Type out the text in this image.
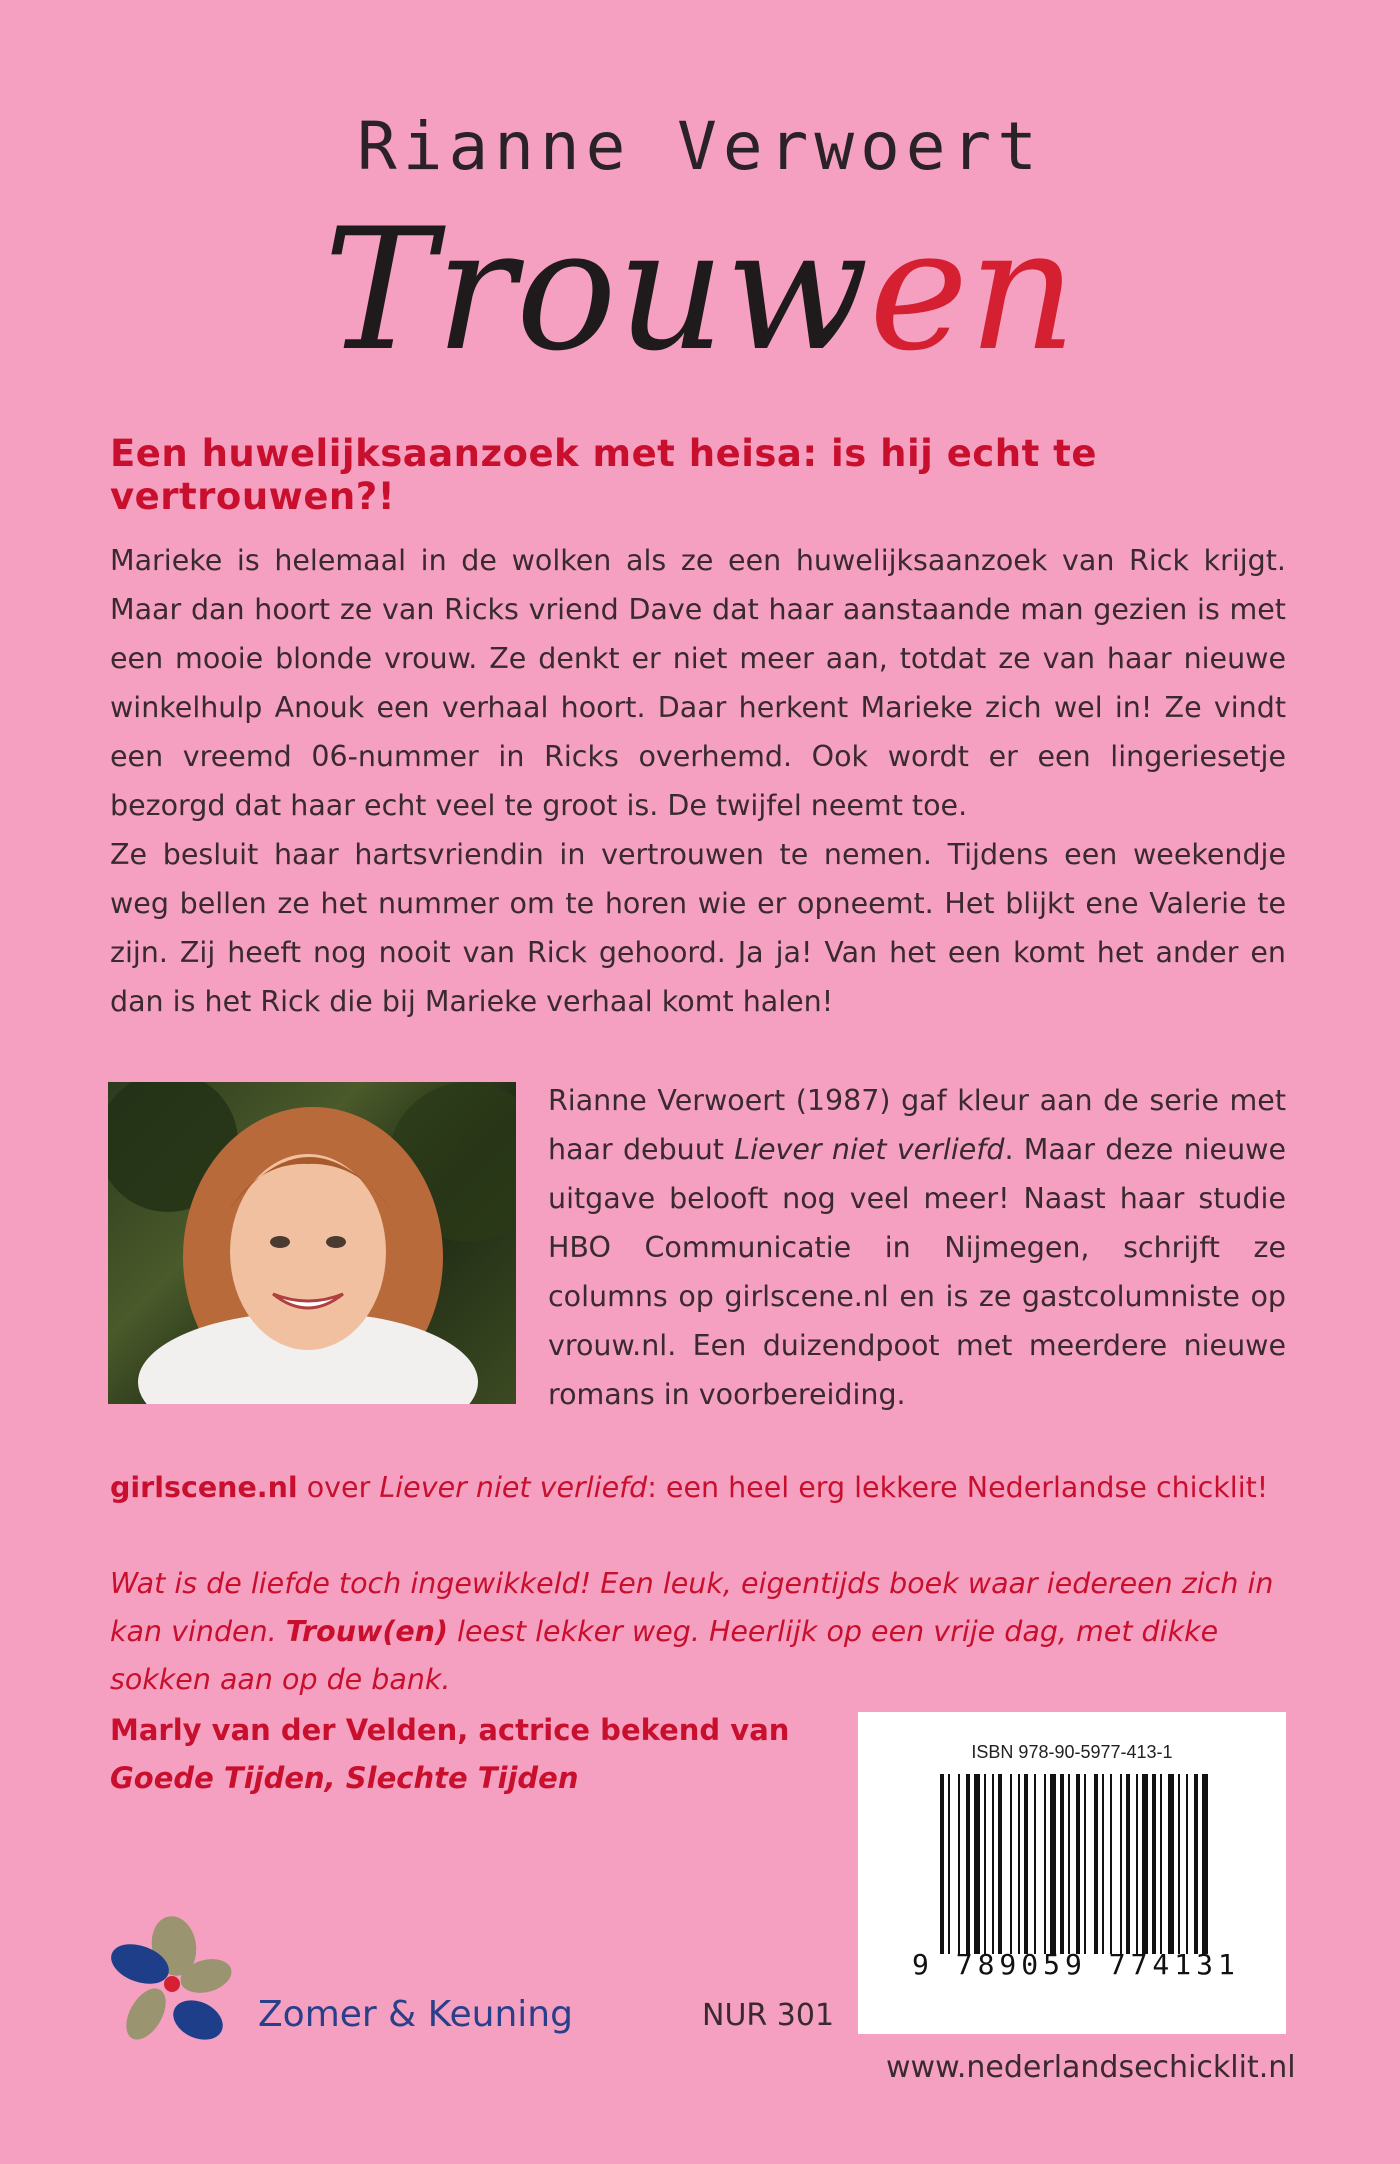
Rianne Verwoert
Trouwen
Een huwelijksaanzoek met heisa: is hij echt te vertrouwen?!

Marieke is helemaal in de wolken als ze een huwelijksaanzoek van Rick krijgt. Maar dan hoort ze van Ricks vriend Dave dat haar aanstaande man gezien is met een mooie blonde vrouw. Ze denkt er niet meer aan, totdat ze van haar nieuwe winkelhulp Anouk een verhaal hoort. Daar herkent Marieke zich wel in! Ze vindt een vreemd 06-nummer in Ricks overhemd. Ook wordt er een lingeriesetje bezorgd dat haar echt veel te groot is. De twijfel neemt toe.

Ze besluit haar hartsvriendin in vertrouwen te nemen. Tijdens een weekendje weg bellen ze het nummer om te horen wie er opneemt. Het blijkt ene Valerie te zijn. Zij heeft nog nooit van Rick gehoord. Ja ja! Van het een komt het ander en dan is het Rick die bij Marieke verhaal komt halen!

Rianne Verwoert (1987) gaf kleur aan de serie met haar debuut Liever niet verliefd. Maar deze nieuwe uitgave belooft nog veel meer! Naast haar studie HBO Communicatie in Nijmegen, schrijft ze columns op girlscene.nl en is ze gastcolumniste op vrouw.nl. Een duizendpoot met meerdere nieuwe romans in voorbereiding.
girlscene.nl over Liever niet verliefd: een heel erg lekkere Nederlandse chicklit!
Wat is de liefde toch ingewikkeld! Een leuk, eigentijds boek waar iedereen zich in kan vinden. Trouw(en) leest lekker weg. Heerlijk op een vrije dag, met dikke sokken aan op de bank.
Marly van der Velden, actrice bekend van
Goede Tijden, Slechte Tijden
ISBN 978-90-5977-413-1
9 789059 774131
Zomer & Keuning	NUR 301
www.nederlandsechicklit.nl
